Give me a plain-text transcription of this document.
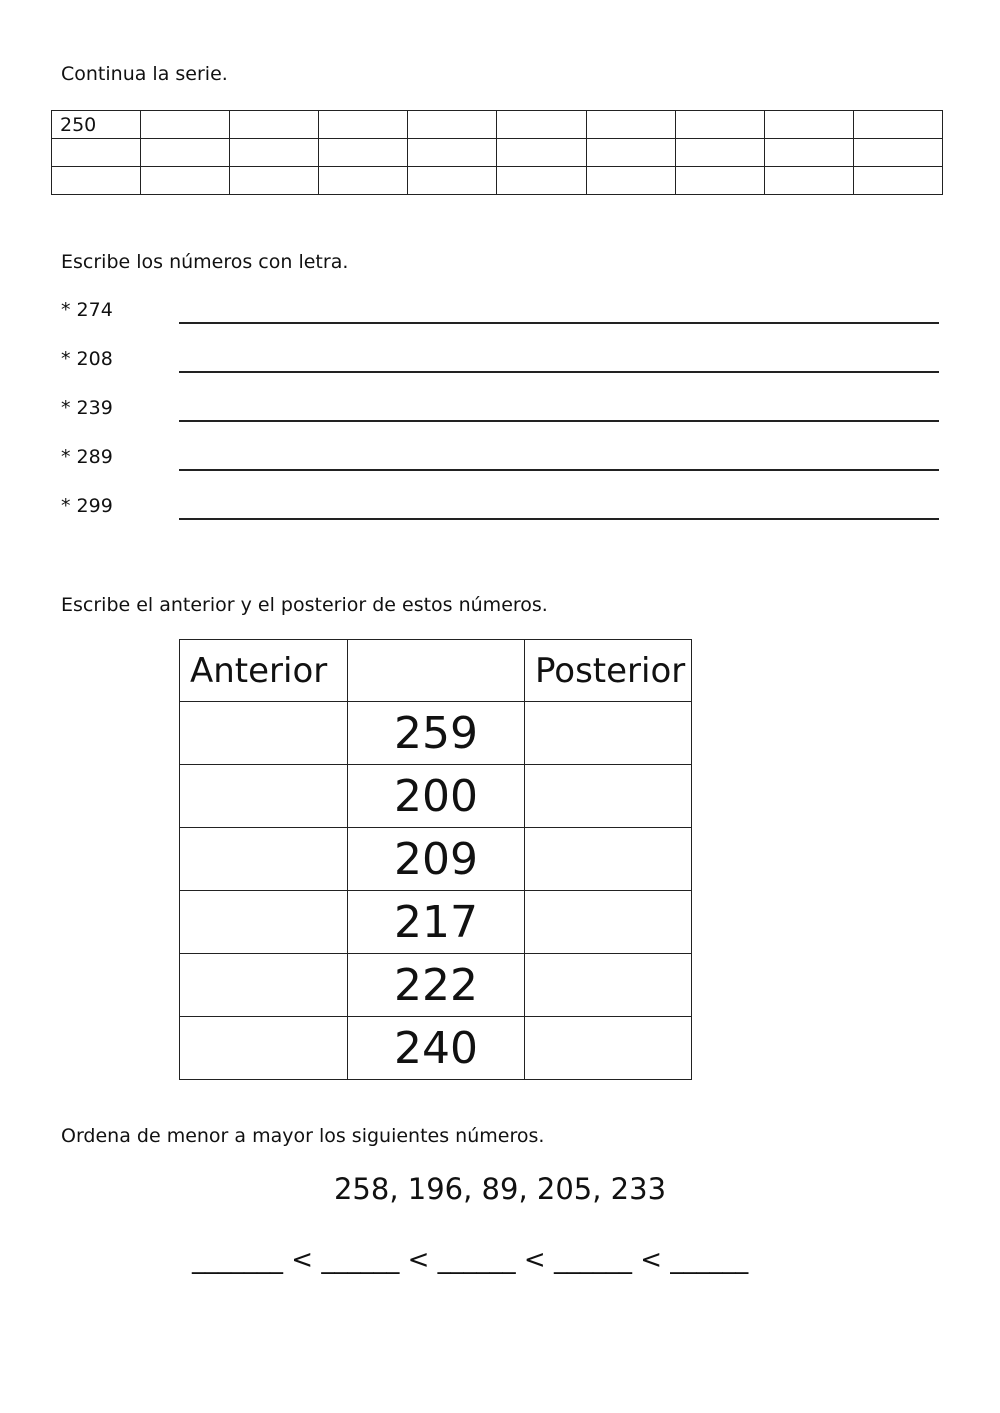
Continua la serie.
250									

Escribe los números con letra.
* 274
* 208
* 239
* 289
* 299
Escribe el anterior y el posterior de estos números.
Anterior		Posterior
	259	
	200	
	209	
	217	
	222	
	240	
Ordena de menor a mayor los siguientes números.
258, 196, 89, 205, 233
_______ < ______ < ______ < ______ < ______
